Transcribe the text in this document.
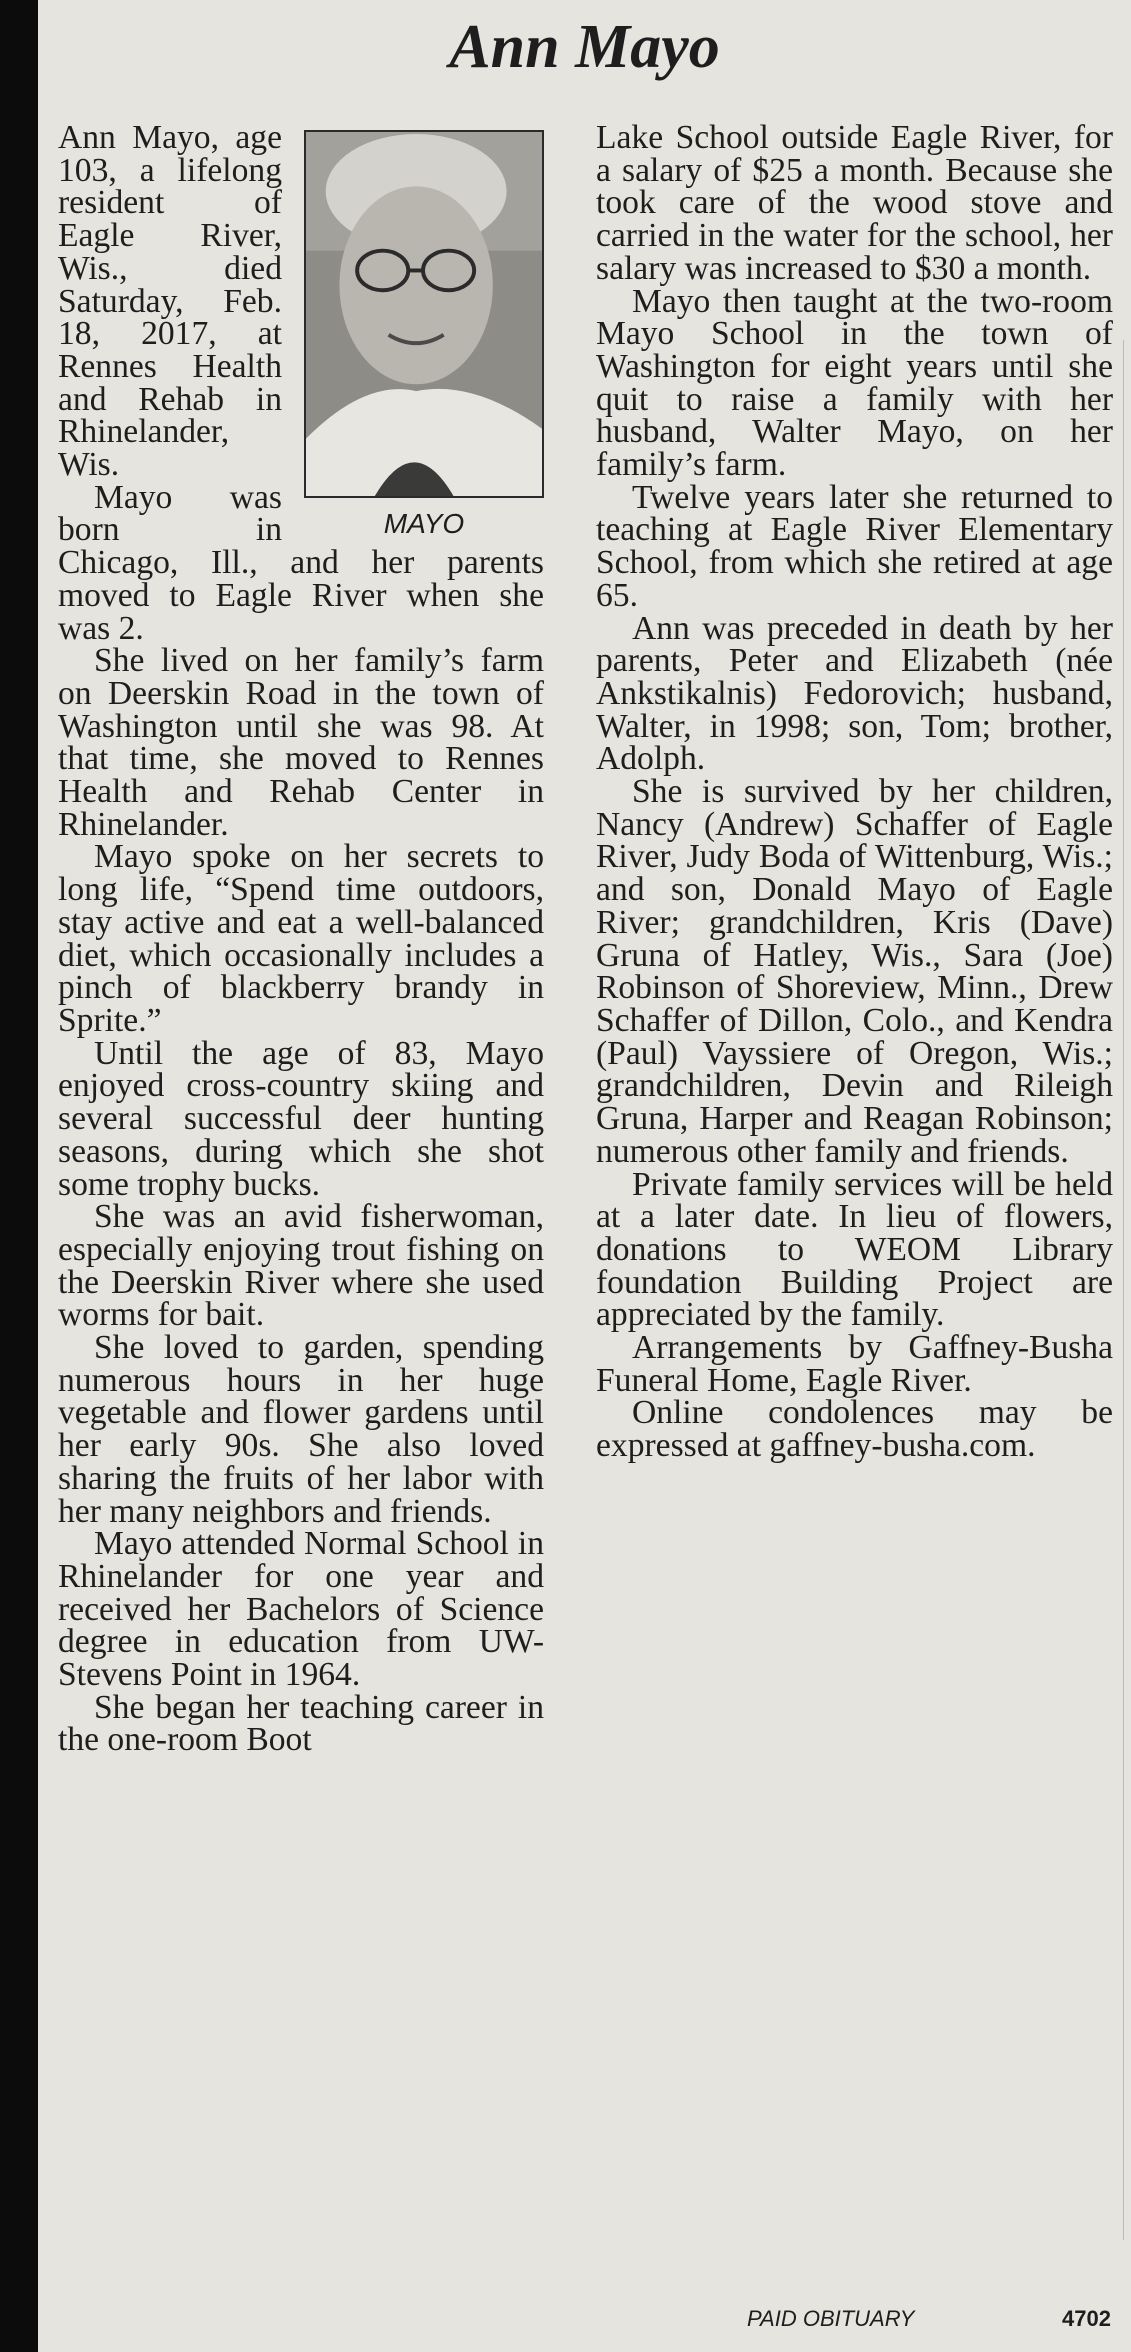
Ann Mayo
MAYO

Ann Mayo, age 103, a lifelong resident of Eagle River, Wis., died Saturday, Feb. 18, 2017, at Rennes Health and Rehab in Rhinelander, Wis.

Mayo was born in Chicago, Ill., and her parents moved to Eagle River when she was 2.

She lived on her family’s farm on Deerskin Road in the town of Washington until she was 98. At that time, she moved to Rennes Health and Rehab Center in Rhinelander.

Mayo spoke on her secrets to long life, “Spend time outdoors, stay active and eat a well-balanced diet, which occasionally includes a pinch of blackberry brandy in Sprite.”

Until the age of 83, Mayo enjoyed cross-country skiing and several successful deer hunting seasons, during which she shot some trophy bucks.

She was an avid fisherwoman, especially enjoying trout fishing on the Deerskin River where she used worms for bait.

She loved to garden, spending numerous hours in her huge vegetable and flower gardens until her early 90s. She also loved sharing the fruits of her labor with her many neighbors and friends.

Mayo attended Normal School in Rhinelander for one year and received her Bachelors of Science degree in education from UW-Stevens Point in 1964.

She began her teaching career in the one-room Boot

Lake School outside Eagle River, for a salary of $25 a month. Because she took care of the wood stove and carried in the water for the school, her salary was increased to $30 a month.

Mayo then taught at the two-room Mayo School in the town of Washington for eight years until she quit to raise a family with her husband, Walter Mayo, on her family’s farm.

Twelve years later she returned to teaching at Eagle River Elementary School, from which she retired at age 65.

Ann was preceded in death by her parents, Peter and Elizabeth (née Ankstikalnis) Fedorovich; husband, Walter, in 1998; son, Tom; brother, Adolph.

She is survived by her children, Nancy (Andrew) Schaffer of Eagle River, Judy Boda of Wittenburg, Wis.; and son, Donald Mayo of Eagle River; grandchildren, Kris (Dave) Gruna of Hatley, Wis., Sara (Joe) Robinson of Shoreview, Minn., Drew Schaffer of Dillon, Colo., and Kendra (Paul) Vayssiere of Oregon, Wis.; grandchildren, Devin and Rileigh Gruna, Harper and Reagan Robinson; numerous other family and friends.

Private family services will be held at a later date. In lieu of flowers, donations to WEOM Library foundation Building Project are appreciated by the family.

Arrangements by Gaffney-Busha Funeral Home, Eagle River.

Online condolences may be expressed at gaffney-busha.com.

PAID OBITUARY	4702
